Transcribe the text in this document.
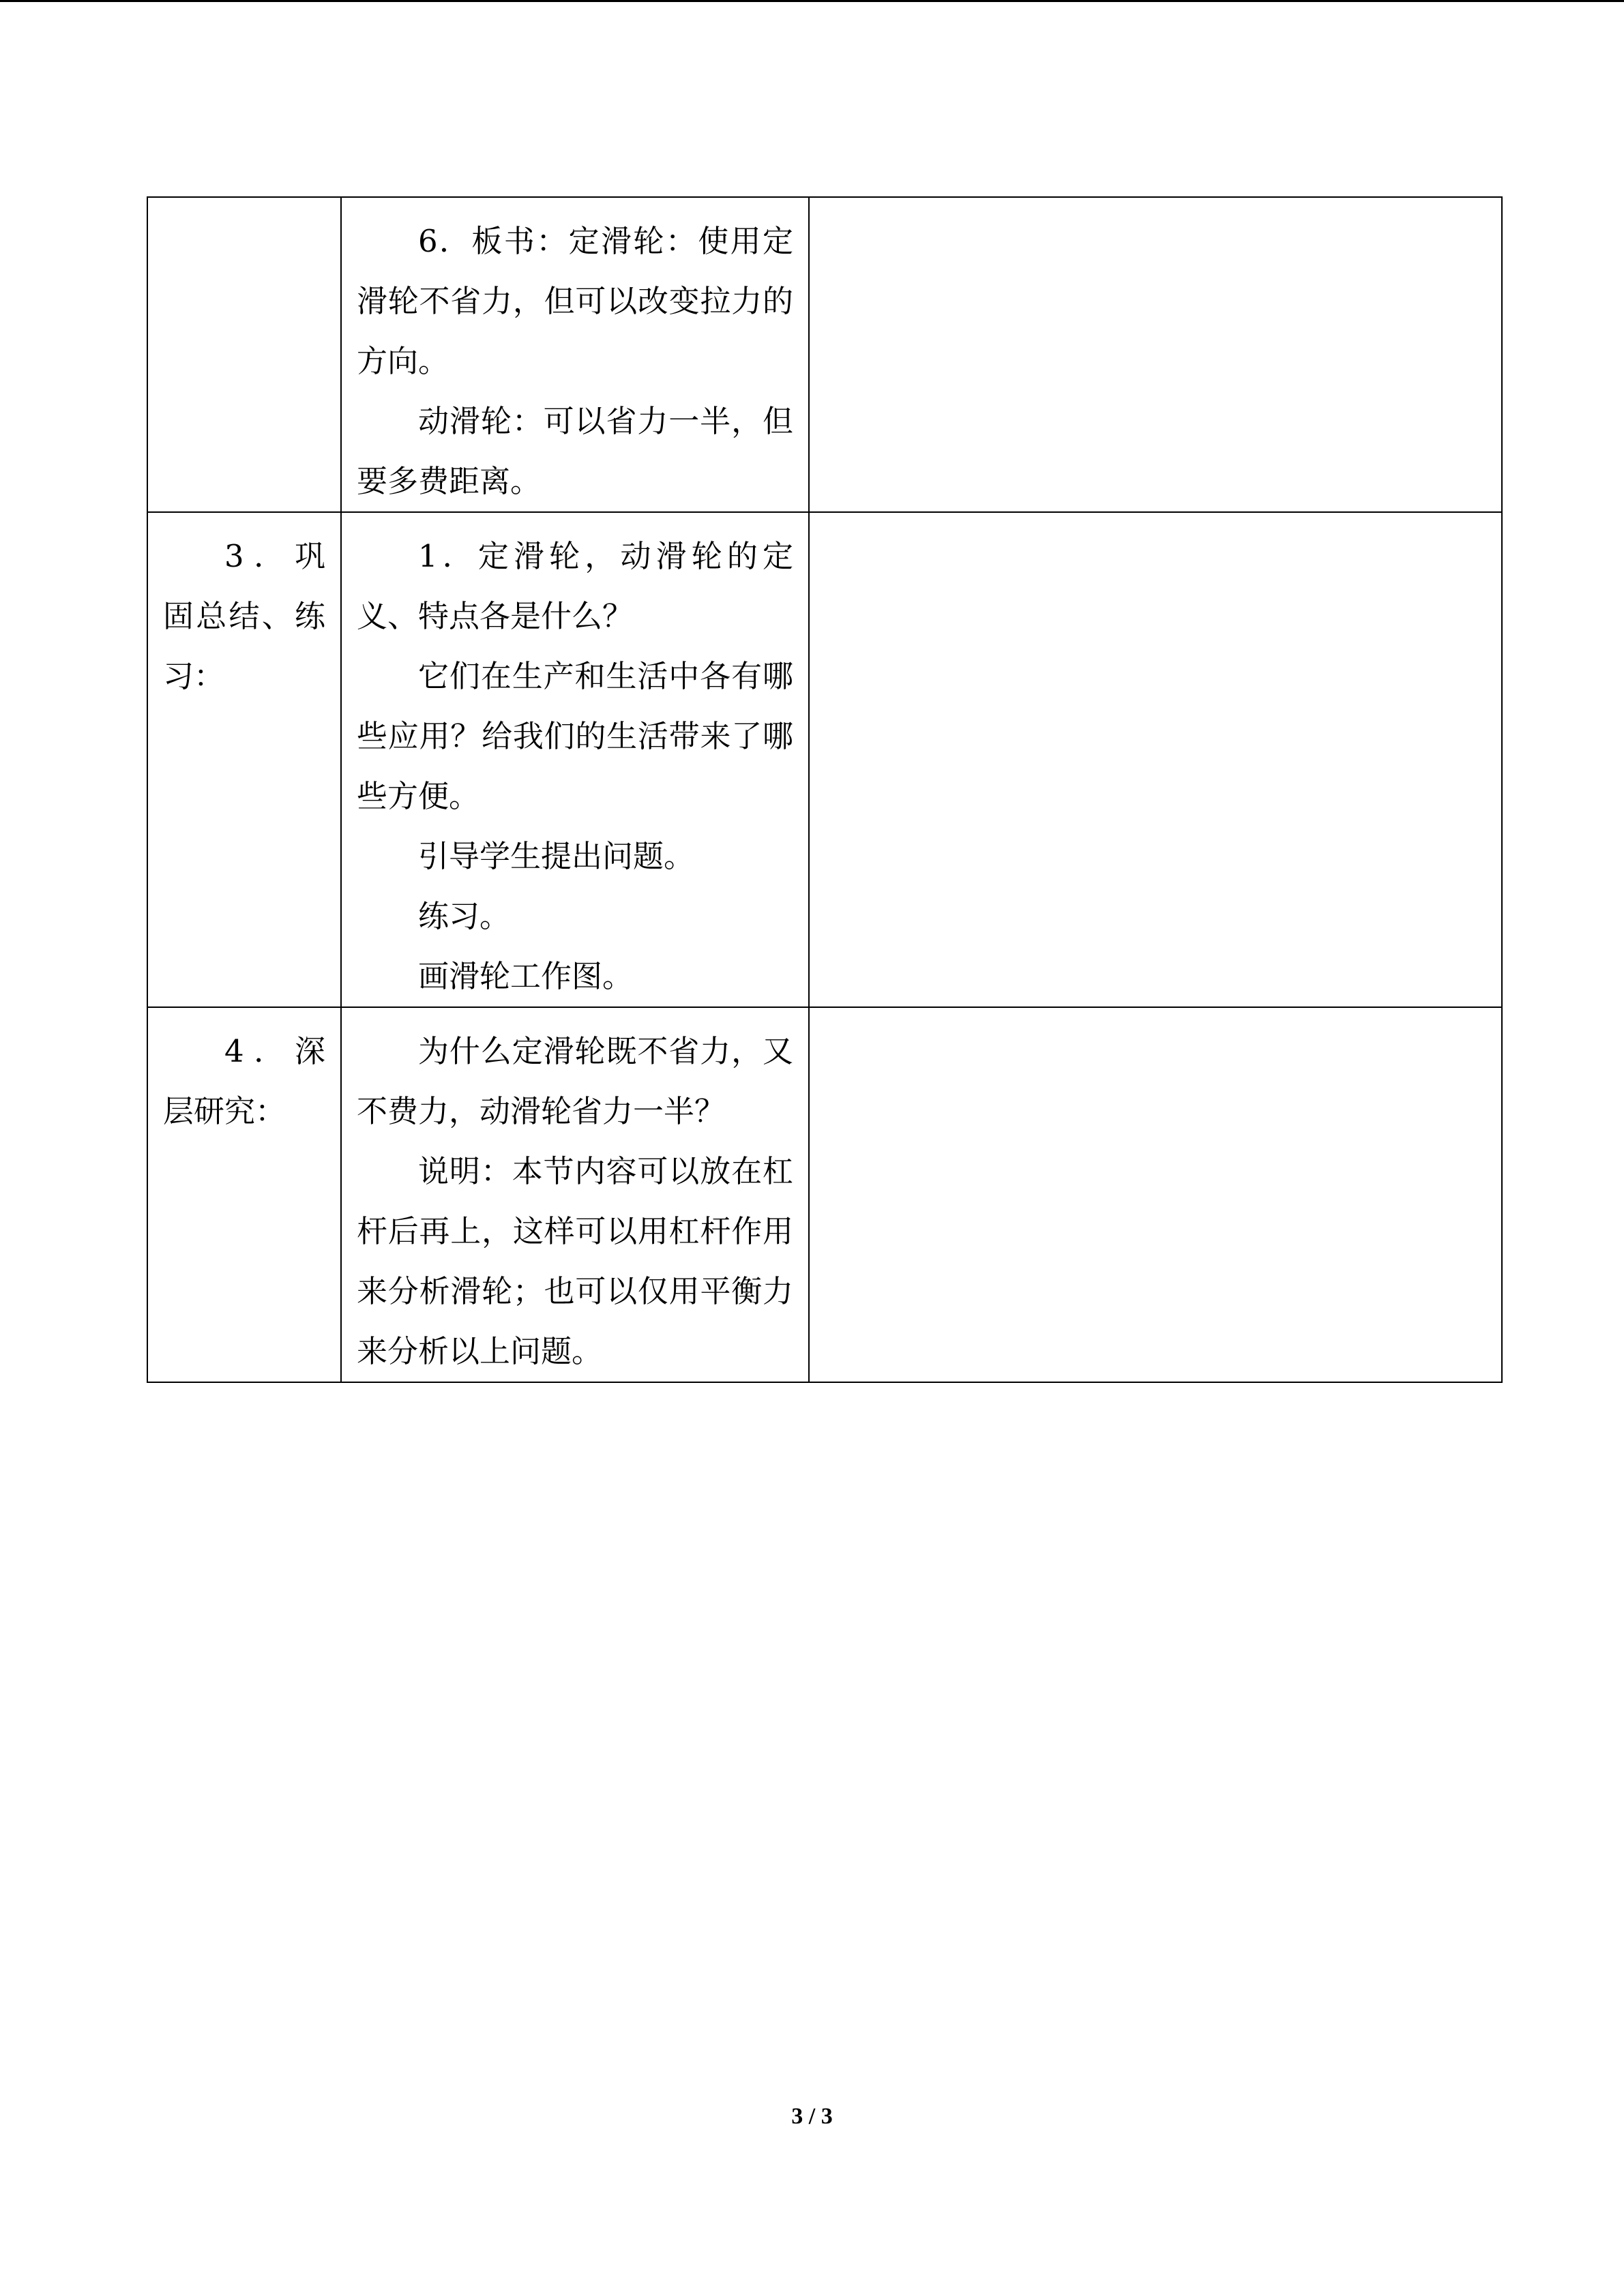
	6．板书：定滑轮：使用定滑轮不省力，但可以改变拉力的方向。

动滑轮：可以省力一半，但要多费距离。	

3．巩固总结、练习：	1．定滑轮，动滑轮的定义、特点各是什么？

它们在生产和生活中各有哪些应用？给我们的生活带来了哪些方便。

引导学生提出问题。

练习。

画滑轮工作图。	

4．深层研究：	为什么定滑轮既不省力，又不费力，动滑轮省力一半？

说明：本节内容可以放在杠杆后再上，这样可以用杠杆作用来分析滑轮；也可以仅用平衡力来分析以上问题。	

3 / 3
